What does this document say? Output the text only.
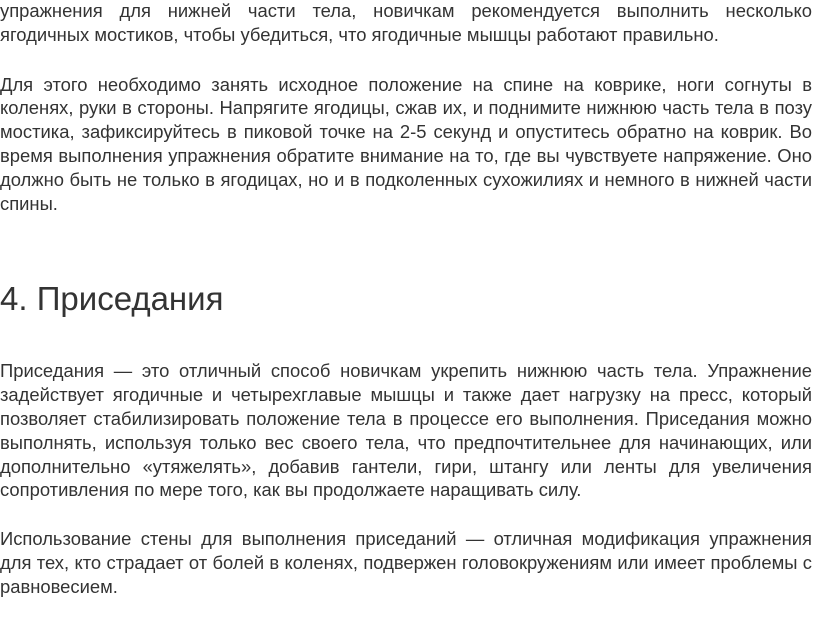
упражнения для нижней части тела, новичкам рекомендуется выполнить несколько ягодичных мостиков, чтобы убедиться, что ягодичные мышцы работают правильно.

Для этого необходимо занять исходное положение на спине на коврике, ноги согнуты в коленях, руки в стороны. Напрягите ягодицы, сжав их, и поднимите нижнюю часть тела в позу мостика, зафиксируйтесь в пиковой точке на 2-5 секунд и опуститесь обратно на коврик. Во время выполнения упражнения обратите внимание на то, где вы чувствуете напряжение. Оно должно быть не только в ягодицах, но и в подколенных сухожилиях и немного в нижней части спины.

4. Приседания

Приседания — это отличный способ новичкам укрепить нижнюю часть тела. Упражнение задействует ягодичные и четырехглавые мышцы и также дает нагрузку на пресс, который позволяет стабилизировать положение тела в процессе его выполнения. Приседания можно выполнять, используя только вес своего тела, что предпочтительнее для начинающих, или дополнительно «утяжелять», добавив гантели, гири, штангу или ленты для увеличения сопротивления по мере того, как вы продолжаете наращивать силу.

Использование стены для выполнения приседаний — отличная модификация упражнения для тех, кто страдает от болей в коленях, подвержен головокружениям или имеет проблемы с равновесием.
